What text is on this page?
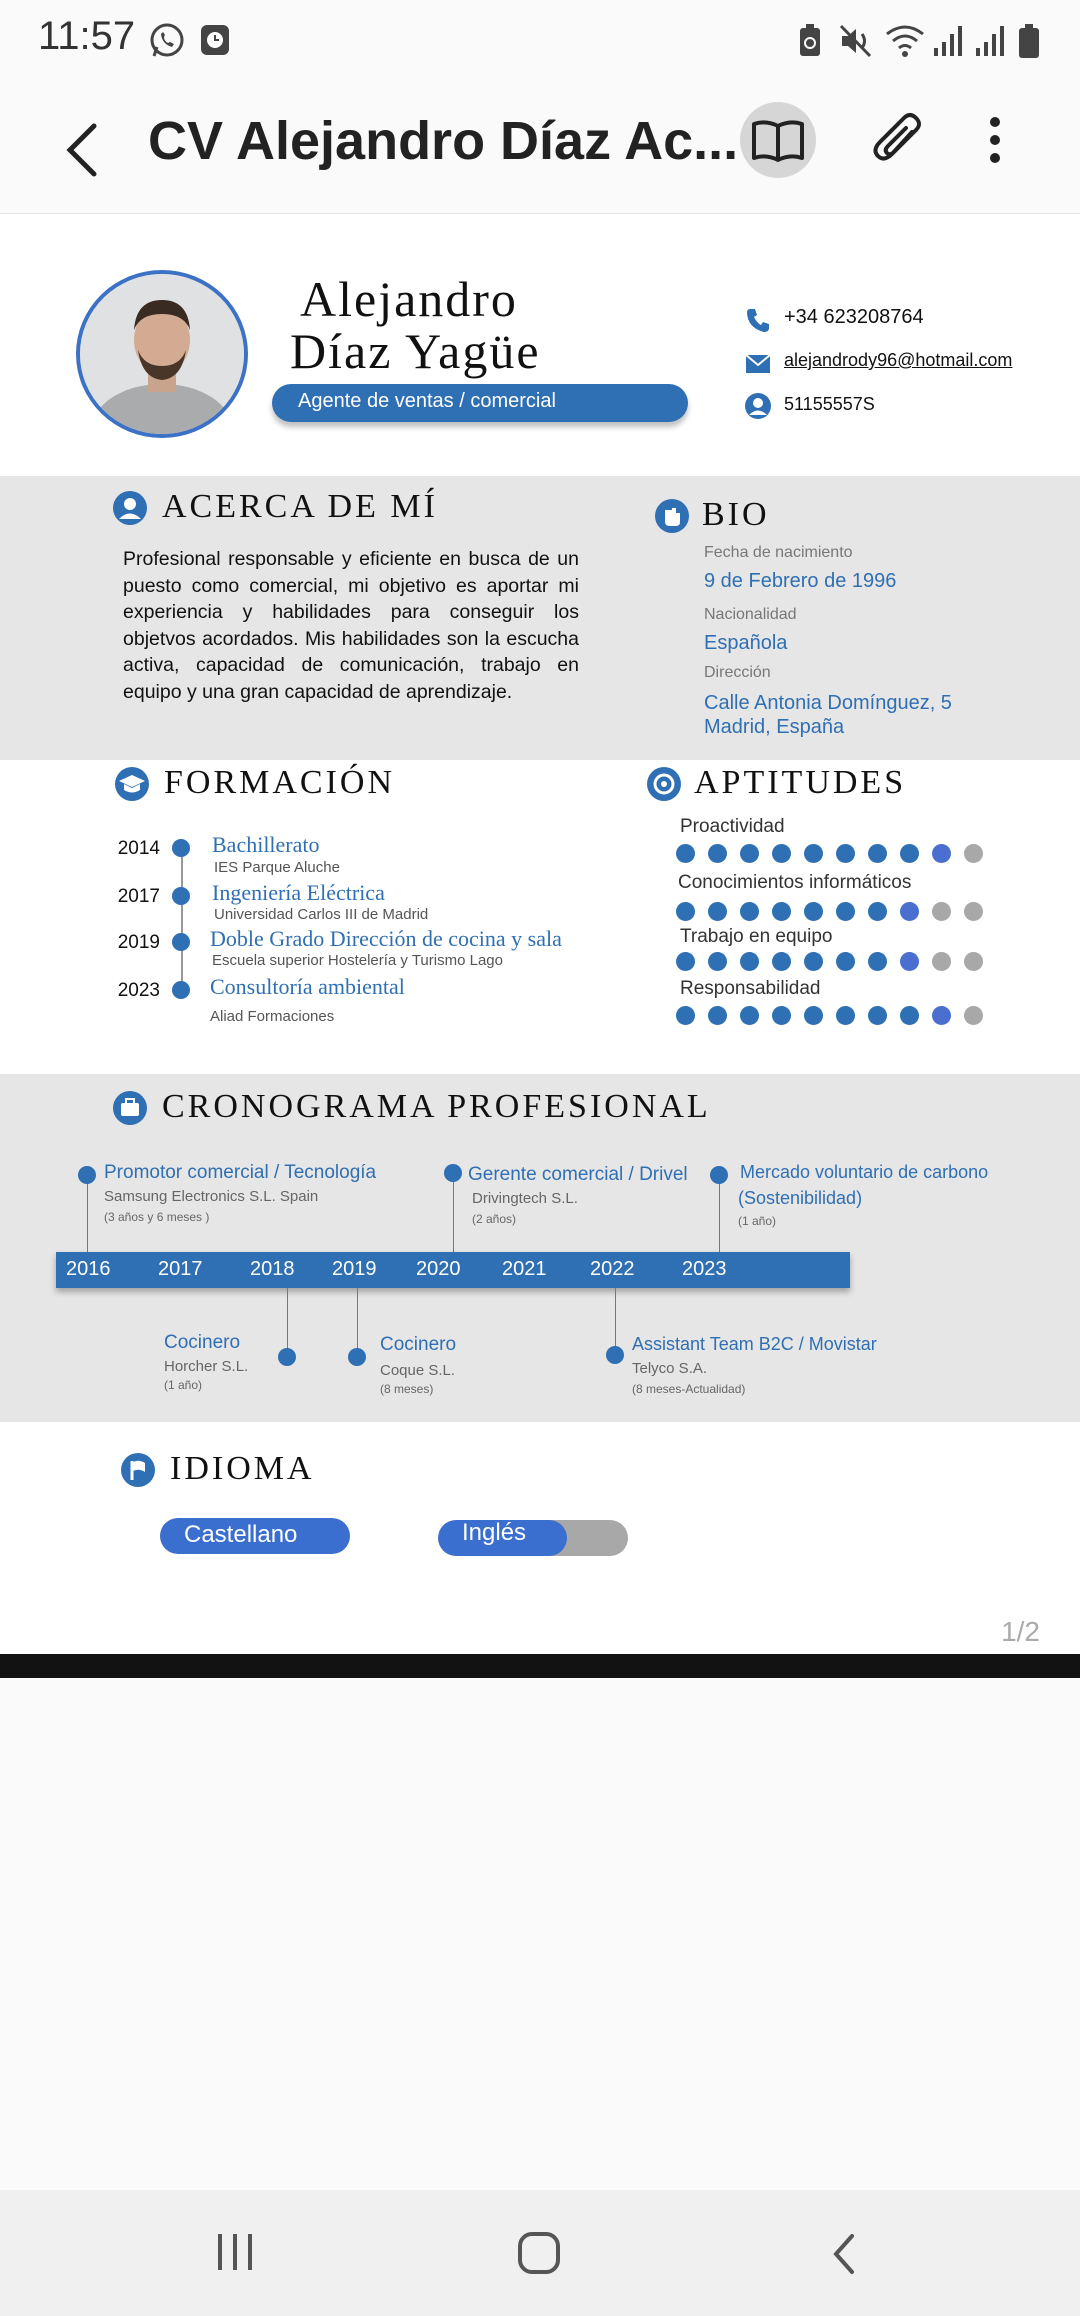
11:57
CV Alejandro Díaz Ac...
Alejandro
Díaz Yagüe
Agente de ventas / comercial
+34 623208764
alejandrody96@hotmail.com
51155557S
ACERCA DE MÍ
Profesional responsable y eficiente en busca de un puesto como comercial, mi objetivo es aportar mi experiencia y habilidades para conseguir los objetvos acordados. Mis habilidades son la escucha activa, capacidad de comunicación, trabajo en equipo y una gran capacidad de aprendizaje.
BIO
Fecha de nacimiento
9 de Febrero de 1996
Nacionalidad
Española
Dirección
Calle Antonia Domínguez, 5
Madrid, España
FORMACIÓN
2014 Bachillerato
IES Parque Aluche
2017 Ingeniería Eléctrica
Universidad Carlos III de Madrid
2019 Doble Grado Dirección de cocina y sala
Escuela superior Hostelería y Turismo Lago
2023 Consultoría ambiental
Aliad Formaciones
APTITUDES
Proactividad
Conocimientos informáticos
Trabajo en equipo
Responsabilidad
CRONOGRAMA PROFESIONAL
Promotor comercial / Tecnología
Samsung Electronics S.L. Spain
(3 años y 6 meses )
Gerente comercial / Drivel
Drivingtech S.L.
(2 años)
Mercado voluntario de carbono
(Sostenibilidad)
(1 año)
2016 2017 2018 2019 2020 2021 2022 2023
Cocinero
Horcher S.L.
(1 año)
Cocinero
Coque S.L.
(8 meses)
Assistant Team B2C / Movistar
Telyco S.A.
(8 meses-Actualidad)
IDIOMA
Castellano	Inglés
1/2
